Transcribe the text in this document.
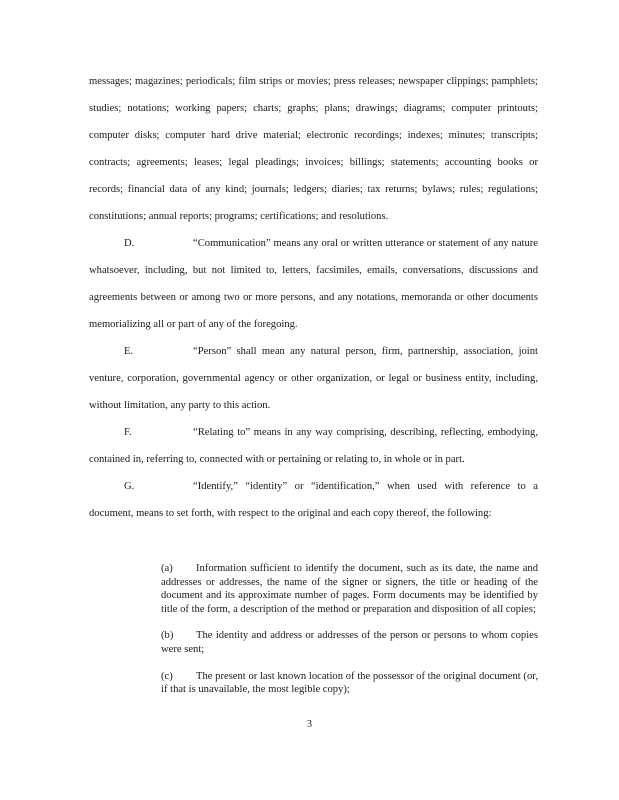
messages; magazines; periodicals; film strips or movies; press releases; newspaper clippings; pamphlets; studies; notations; working papers; charts; graphs; plans; drawings; diagrams; computer printouts; computer disks; computer hard drive material; electronic recordings; indexes; minutes; transcripts; contracts; agreements; leases; legal pleadings; invoices; billings; statements; accounting books or records; financial data of any kind; journals; ledgers; diaries; tax returns; bylaws; rules; regulations; constitutions; annual reports; programs; certifications; and resolutions.

D.	“Communication” means any oral or written utterance or statement of any nature whatsoever, including, but not limited to, letters, facsimiles, emails, conversations, discussions and agreements between or among two or more persons, and any notations, memoranda or other documents memorializing all or part of any of the foregoing.

E.	“Person” shall mean any natural person, firm, partnership, association, joint venture, corporation, governmental agency or other organization, or legal or business entity, including, without limitation, any party to this action.

F.	“Relating to” means in any way comprising, describing, reflecting, embodying, contained in, referring to, connected with or pertaining or relating to, in whole or in part.

G.	“Identify,” “identity” or “identification,” when used with reference to a document, means to set forth, with respect to the original and each copy thereof, the following:

(a) Information sufficient to identify the document, such as its date, the name and addresses or addresses, the name of the signer or signers, the title or heading of the document and its approximate number of pages. Form documents may be identified by title of the form, a description of the method or preparation and disposition of all copies;

(b) The identity and address or addresses of the person or persons to whom copies were sent;

(c) The present or last known location of the possessor of the original document (or, if that is unavailable, the most legible copy);

3
